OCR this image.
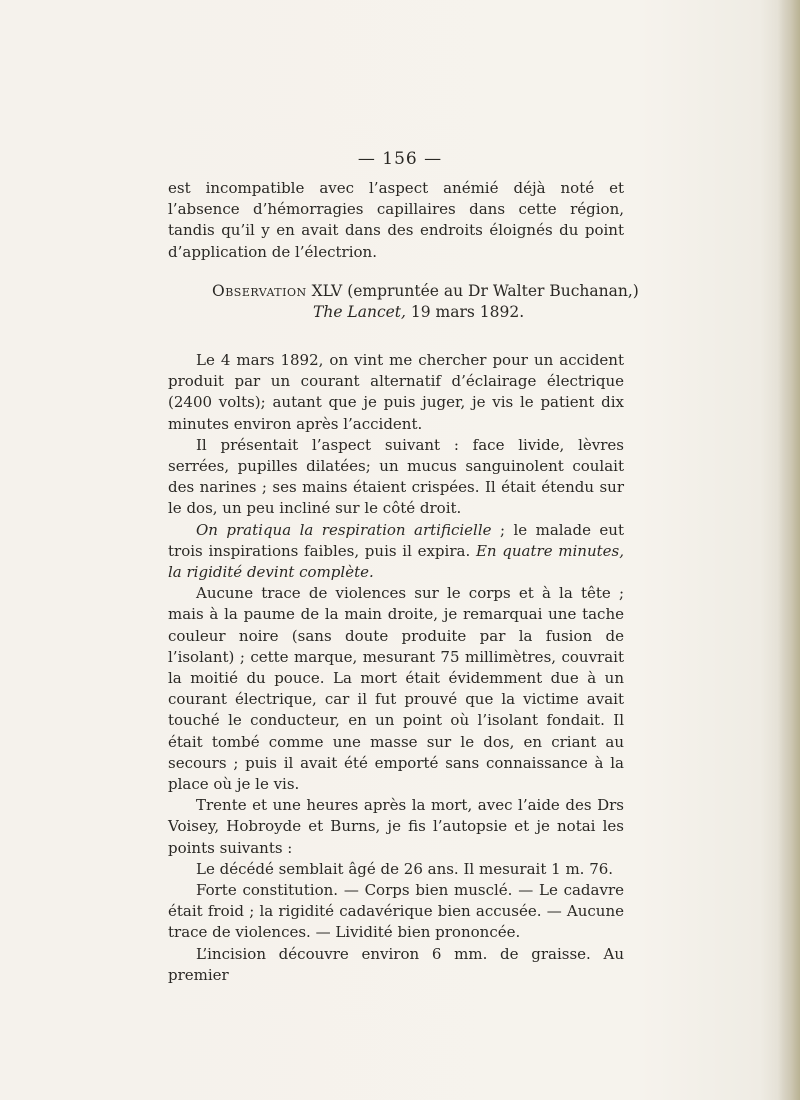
— 156 —

est incompatible avec l’aspect anémié déjà noté et l’absence d’hémorragies capillaires dans cette région, tandis qu’il y en avait dans des endroits éloignés du point d’application de l’électrion.

Observation XLV (empruntée au Dr Walter Buchanan,)
The Lancet, 19 mars 1892.

Le 4 mars 1892, on vint me chercher pour un accident produit par un courant alternatif d’éclairage électrique (2400 volts); autant que je puis juger, je vis le patient dix minutes environ après l’accident.

Il présentait l’aspect suivant : face livide, lèvres serrées, pupilles dilatées; un mucus sanguinolent coulait des narines ; ses mains étaient crispées. Il était étendu sur le dos, un peu incliné sur le côté droit.

On pratiqua la respiration artificielle ; le malade eut trois inspirations faibles, puis il expira. En quatre minutes, la rigidité devint complète.

Aucune trace de violences sur le corps et à la tête ; mais à la paume de la main droite, je remarquai une tache couleur noire (sans doute produite par la fusion de l’isolant) ; cette marque, mesurant 75 millimètres, couvrait la moitié du pouce. La mort était évidemment due à un courant électrique, car il fut prouvé que la victime avait touché le conducteur, en un point où l’isolant fondait. Il était tombé comme une masse sur le dos, en criant au secours ; puis il avait été emporté sans connaissance à la place où je le vis.

Trente et une heures après la mort, avec l’aide des Drs Voisey, Hobroyde et Burns, je fis l’autopsie et je notai les points suivants :

Le décédé semblait âgé de 26 ans. Il mesurait 1 m. 76.

Forte constitution. — Corps bien musclé. — Le cadavre était froid ; la rigidité cadavérique bien accusée. — Aucune trace de violences. — Lividité bien prononcée.

L’incision découvre environ 6 mm. de graisse. Au premier
